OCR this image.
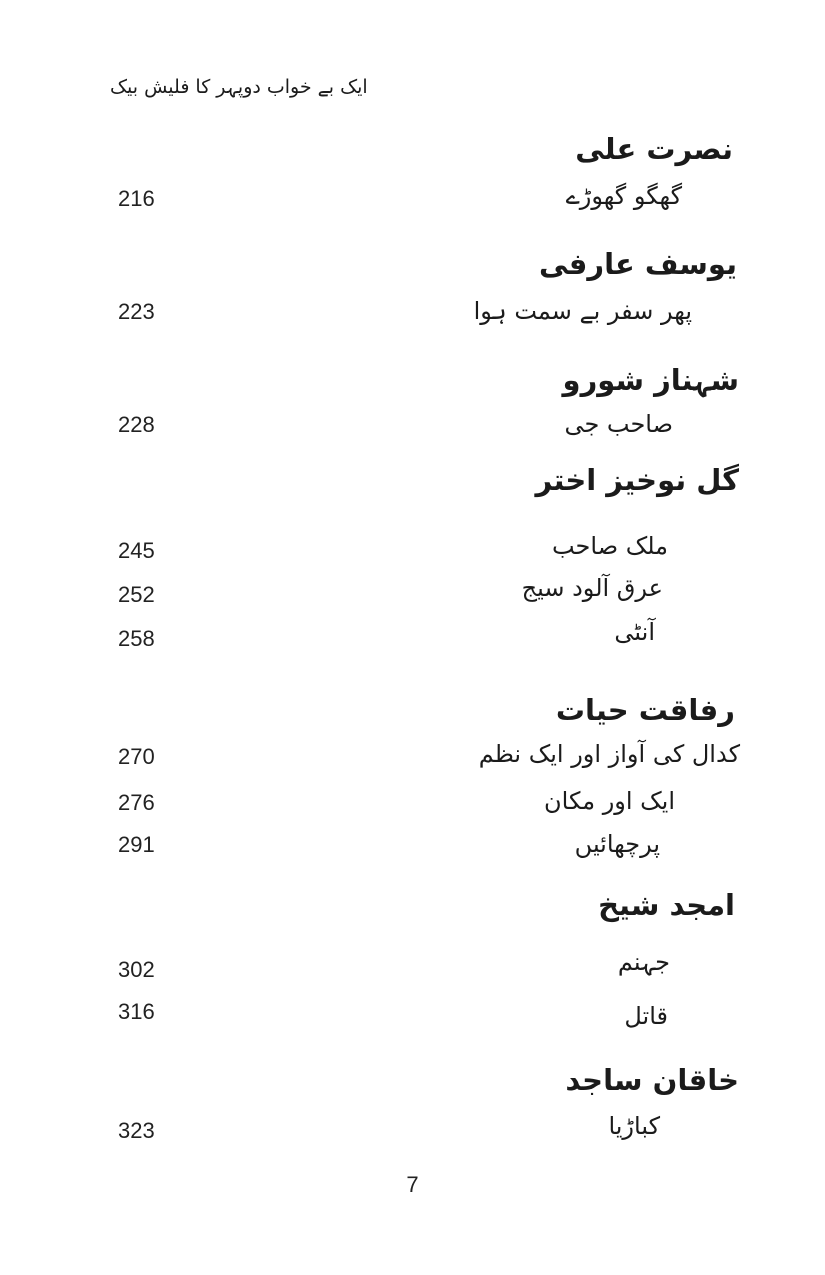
ایک بے خواب دوپہر کا فلیش بیک
نصرت علی
216	گھگو گھوڑے
یوسف عارفی
223	پھر سفر بے سمت ہوا
شہناز شورو
228	صاحب جی
گل نوخیز اختر
245	ملک صاحب
252	عرق آلود سیج
258	آنٹی
رفاقت حیات
270	کدال کی آواز اور ایک نظم
276	ایک اور مکان
291	پرچھائیں
امجد شیخ
302	جہنم
316	قاتل
خاقان ساجد
323	کباڑیا
7
